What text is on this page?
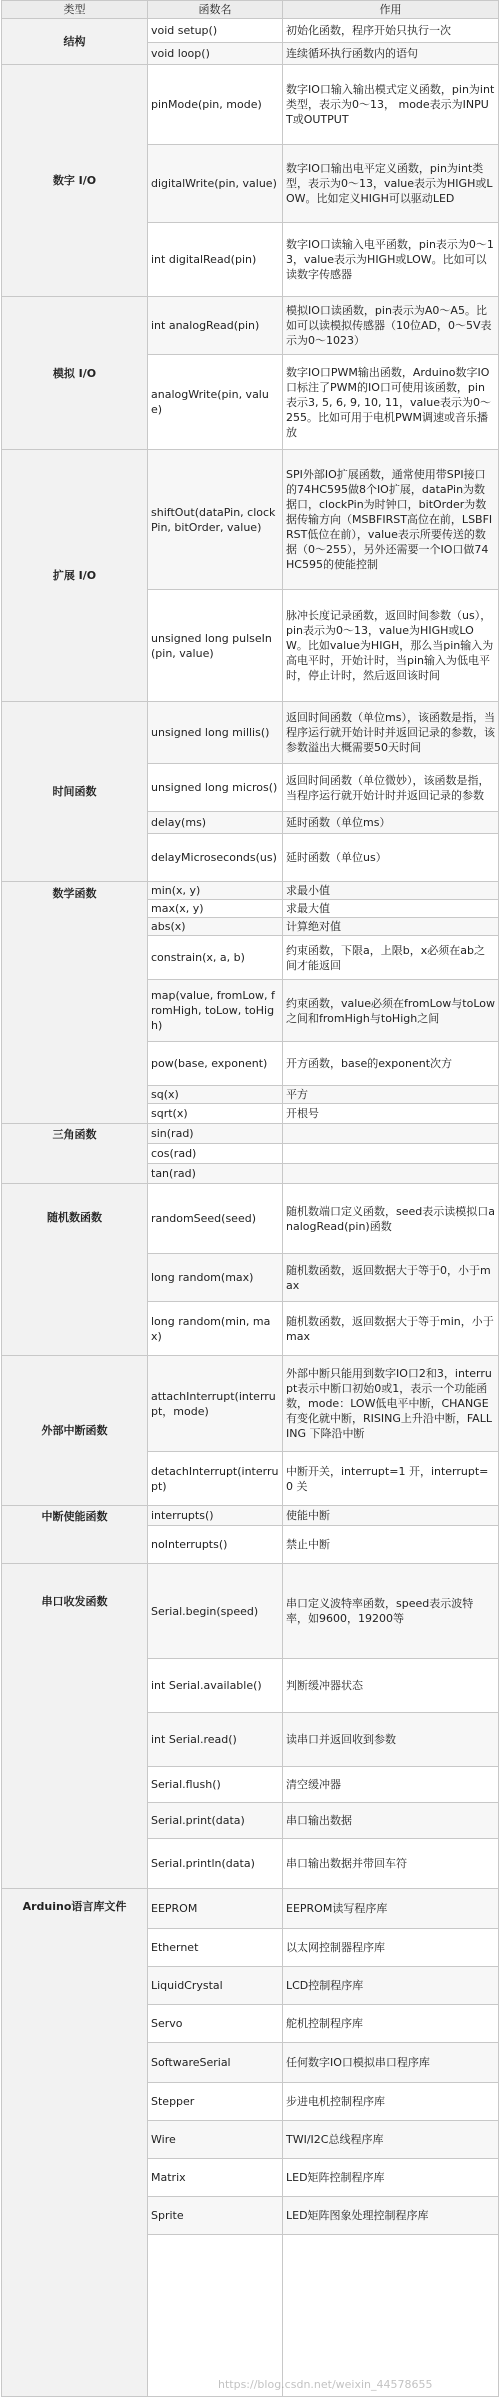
类型	函数名	作用
结构	void setup()	初始化函数，程序开始只执行一次
	void loop()	连续循环执行函数内的语句
数字 I/O	pinMode(pin, mode)	数字IO口输入输出模式定义函数，pin为int类型，表示为0～13， mode表示为INPUT或OUTPUT
	digitalWrite(pin, value)	数字IO口输出电平定义函数，pin为int类型，表示为0～13，value表示为HIGH或LOW。比如定义HIGH可以驱动LED
	int digitalRead(pin)	数字IO口读输入电平函数，pin表示为0～13，value表示为HIGH或LOW。比如可以读数字传感器
模拟 I/O	int analogRead(pin)	模拟IO口读函数，pin表示为A0～A5。比如可以读模拟传感器（10位AD，0～5V表示为0～1023）
	analogWrite(pin, value)	数字IO口PWM输出函数，Arduino数字IO口标注了PWM的IO口可使用该函数，pin表示3, 5, 6, 9, 10, 11，value表示为0～255。比如可用于电机PWM调速或音乐播放
扩展 I/O	shiftOut(dataPin, clockPin, bitOrder, value)	SPI外部IO扩展函数，通常使用带SPI接口的74HC595做8个IO扩展，dataPin为数据口，clockPin为时钟口，bitOrder为数据传输方向（MSBFIRST高位在前，LSBFIRST低位在前），value表示所要传送的数据（0～255），另外还需要一个IO口做74HC595的使能控制
	unsigned long pulseIn(pin, value)	脉冲长度记录函数，返回时间参数（us），pin表示为0～13，value为HIGH或LOW。比如value为HIGH，那么当pin输入为高电平时，开始计时，当pin输入为低电平时，停止计时，然后返回该时间
时间函数	unsigned long millis()	返回时间函数（单位ms），该函数是指，当程序运行就开始计时并返回记录的参数，该参数溢出大概需要50天时间
	unsigned long micros()	返回时间函数（单位微妙），该函数是指，当程序运行就开始计时并返回记录的参数
	delay(ms)	延时函数（单位ms）
	delayMicroseconds(us)	延时函数（单位us）
数学函数	min(x, y)	求最小值
	max(x, y)	求最大值
	abs(x)	计算绝对值
	constrain(x, a, b)	约束函数，下限a，上限b，x必须在ab之间才能返回
	map(value, fromLow, fromHigh, toLow, toHigh)	约束函数，value必须在fromLow与toLow之间和fromHigh与toHigh之间
	pow(base, exponent)	开方函数，base的exponent次方
	sq(x)	平方
	sqrt(x)	开根号
三角函数	sin(rad)	
	cos(rad)	
	tan(rad)	
随机数函数	randomSeed(seed)	随机数端口定义函数，seed表示读模拟口analogRead(pin)函数
	long random(max)	随机数函数，返回数据大于等于0，小于max
	long random(min, max)	随机数函数，返回数据大于等于min，小于max
外部中断函数	attachInterrupt(interrupt，mode)	外部中断只能用到数字IO口2和3，interrupt表示中断口初始0或1，表示一个功能函数，mode：LOW低电平中断，CHANGE有变化就中断，RISING上升沿中断，FALLING 下降沿中断
	detachInterrupt(interrupt)	中断开关，interrupt=1 开，interrupt=0 关
中断使能函数	interrupts()	使能中断
	noInterrupts()	禁止中断
串口收发函数	Serial.begin(speed)	串口定义波特率函数，speed表示波特率，如9600，19200等
	int Serial.available()	判断缓冲器状态
	int Serial.read()	读串口并返回收到参数
	Serial.flush()	清空缓冲器
	Serial.print(data)	串口输出数据
	Serial.println(data)	串口输出数据并带回车符
Arduino语言库文件	EEPROM	EEPROM读写程序库
	Ethernet	以太网控制器程序库
	LiquidCrystal	LCD控制程序库
	Servo	舵机控制程序库
	SoftwareSerial	任何数字IO口模拟串口程序库
	Stepper	步进电机控制程序库
	Wire	TWI/I2C总线程序库
	Matrix	LED矩阵控制程序库
	Sprite	LED矩阵图象处理控制程序库

https://blog.csdn.net/weixin_44578655
